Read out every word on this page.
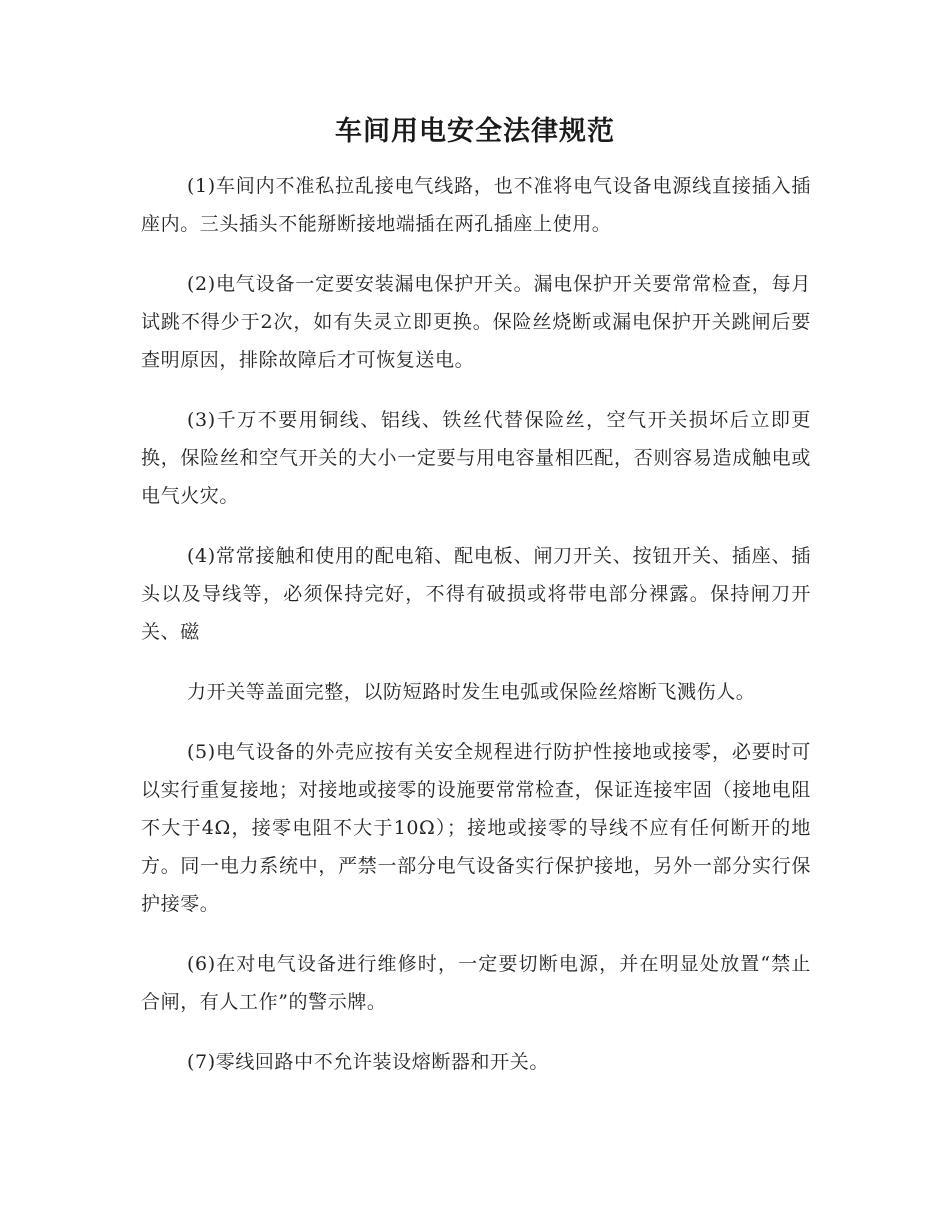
车间用电安全法律规范

(1)车间内不准私拉乱接电气线路，也不准将电气设备电源线直接插入插座内。三头插头不能掰断接地端插在两孔插座上使用。

(2)电气设备一定要安装漏电保护开关。漏电保护开关要常常检查，每月试跳不得少于2次，如有失灵立即更换。保险丝烧断或漏电保护开关跳闸后要查明原因，排除故障后才可恢复送电。

(3)千万不要用铜线、铝线、铁丝代替保险丝，空气开关损坏后立即更换，保险丝和空气开关的大小一定要与用电容量相匹配，否则容易造成触电或电气火灾。

(4)常常接触和使用的配电箱、配电板、闸刀开关、按钮开关、插座、插头以及导线等，必须保持完好，不得有破损或将带电部分裸露。保持闸刀开关、磁

力开关等盖面完整，以防短路时发生电弧或保险丝熔断飞溅伤人。

(5)电气设备的外壳应按有关安全规程进行防护性接地或接零，必要时可以实行重复接地；对接地或接零的设施要常常检查，保证连接牢固（接地电阻不大于4Ω，接零电阻不大于10Ω）；接地或接零的导线不应有任何断开的地方。同一电力系统中，严禁一部分电气设备实行保护接地，另外一部分实行保护接零。

(6)在对电气设备进行维修时，一定要切断电源，并在明显处放置“禁止合闸，有人工作”的警示牌。

(7)零线回路中不允许装设熔断器和开关。
